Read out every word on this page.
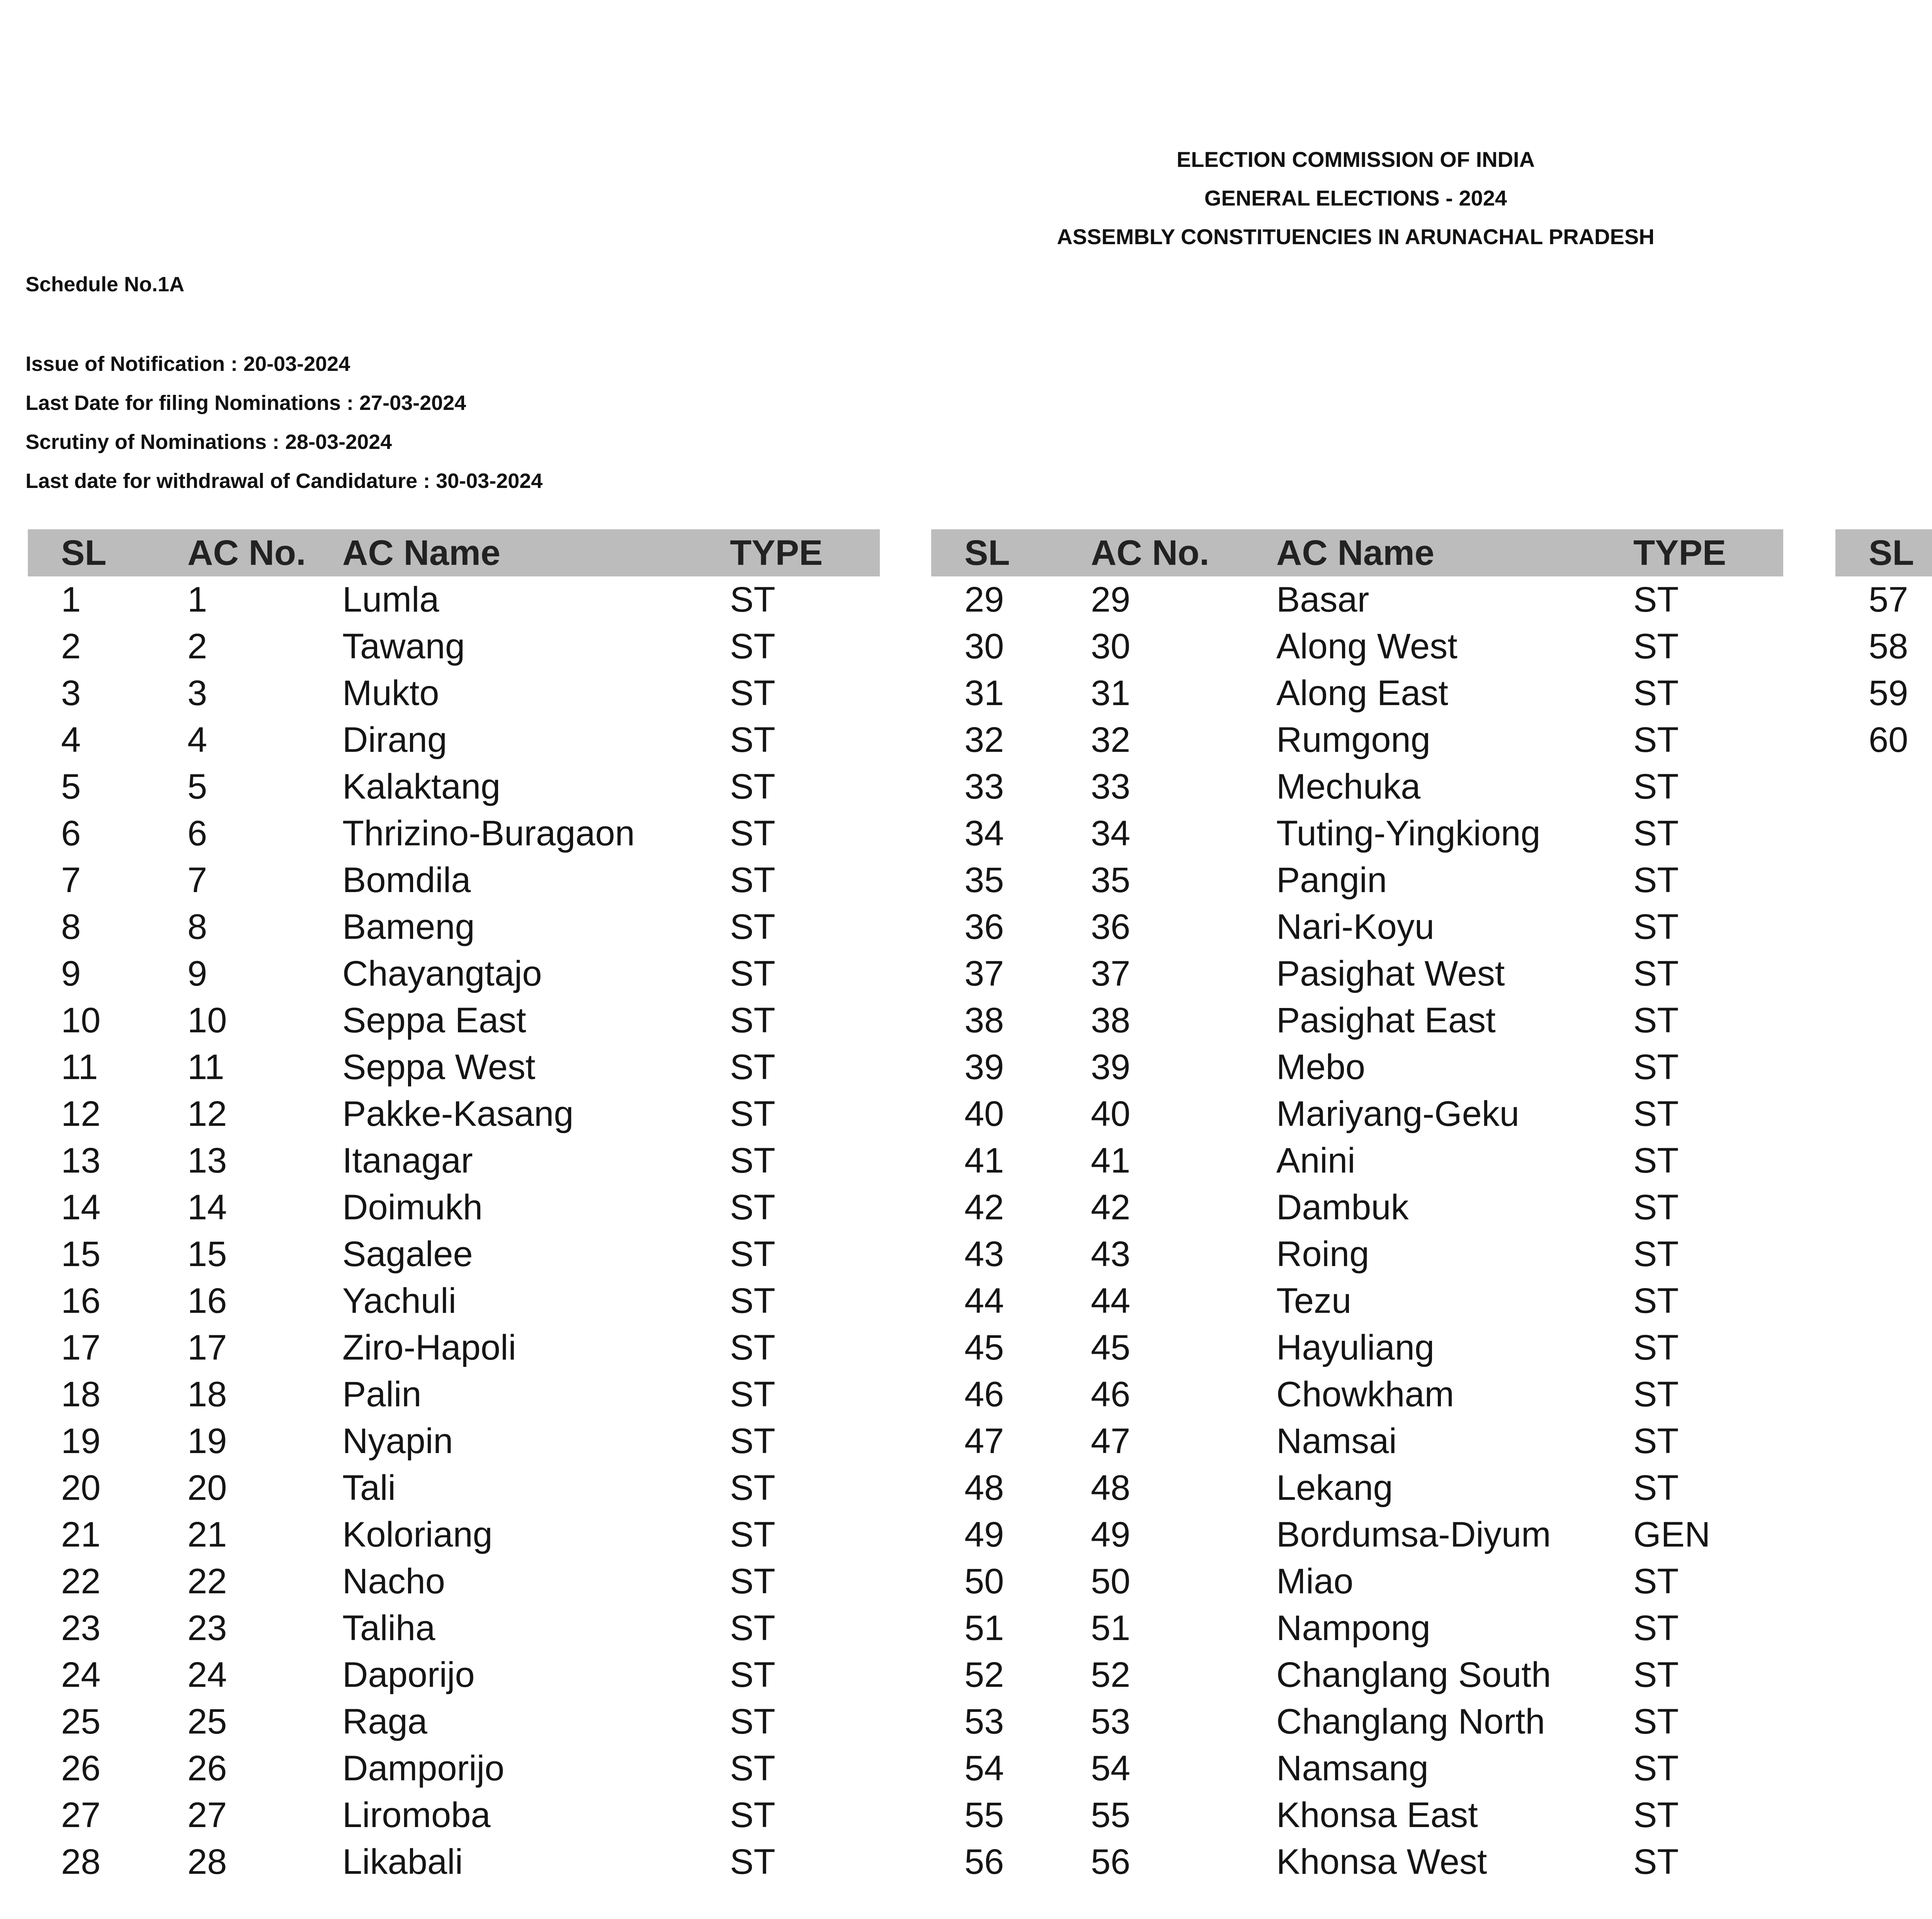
ELECTION COMMISSION OF INDIA
GENERAL ELECTIONS - 2024
ASSEMBLY CONSTITUENCIES IN ARUNACHAL PRADESH
Schedule No.1A
Issue of Notification : 20-03-2024
Last Date for filing Nominations : 27-03-2024
Scrutiny of Nominations : 28-03-2024
Last date for withdrawal of Candidature : 30-03-2024
SL	AC No.	AC Name	TYPE
1	1	Lumla	ST
2	2	Tawang	ST
3	3	Mukto	ST
4	4	Dirang	ST
5	5	Kalaktang	ST
6	6	Thrizino-Buragaon	ST
7	7	Bomdila	ST
8	8	Bameng	ST
9	9	Chayangtajo	ST
10	10	Seppa East	ST
11	11	Seppa West	ST
12	12	Pakke-Kasang	ST
13	13	Itanagar	ST
14	14	Doimukh	ST
15	15	Sagalee	ST
16	16	Yachuli	ST
17	17	Ziro-Hapoli	ST
18	18	Palin	ST
19	19	Nyapin	ST
20	20	Tali	ST
21	21	Koloriang	ST
22	22	Nacho	ST
23	23	Taliha	ST
24	24	Daporijo	ST
25	25	Raga	ST
26	26	Damporijo	ST
27	27	Liromoba	ST
28	28	Likabali	ST
SL	AC No.	AC Name	TYPE
29	29	Basar	ST
30	30	Along West	ST
31	31	Along East	ST
32	32	Rumgong	ST
33	33	Mechuka	ST
34	34	Tuting-Yingkiong	ST
35	35	Pangin	ST
36	36	Nari-Koyu	ST
37	37	Pasighat West	ST
38	38	Pasighat East	ST
39	39	Mebo	ST
40	40	Mariyang-Geku	ST
41	41	Anini	ST
42	42	Dambuk	ST
43	43	Roing	ST
44	44	Tezu	ST
45	45	Hayuliang	ST
46	46	Chowkham	ST
47	47	Namsai	ST
48	48	Lekang	ST
49	49	Bordumsa-Diyum	GEN
50	50	Miao	ST
51	51	Nampong	ST
52	52	Changlang South	ST
53	53	Changlang North	ST
54	54	Namsang	ST
55	55	Khonsa East	ST
56	56	Khonsa West	ST
SL			
57			
58			
59			
60			
